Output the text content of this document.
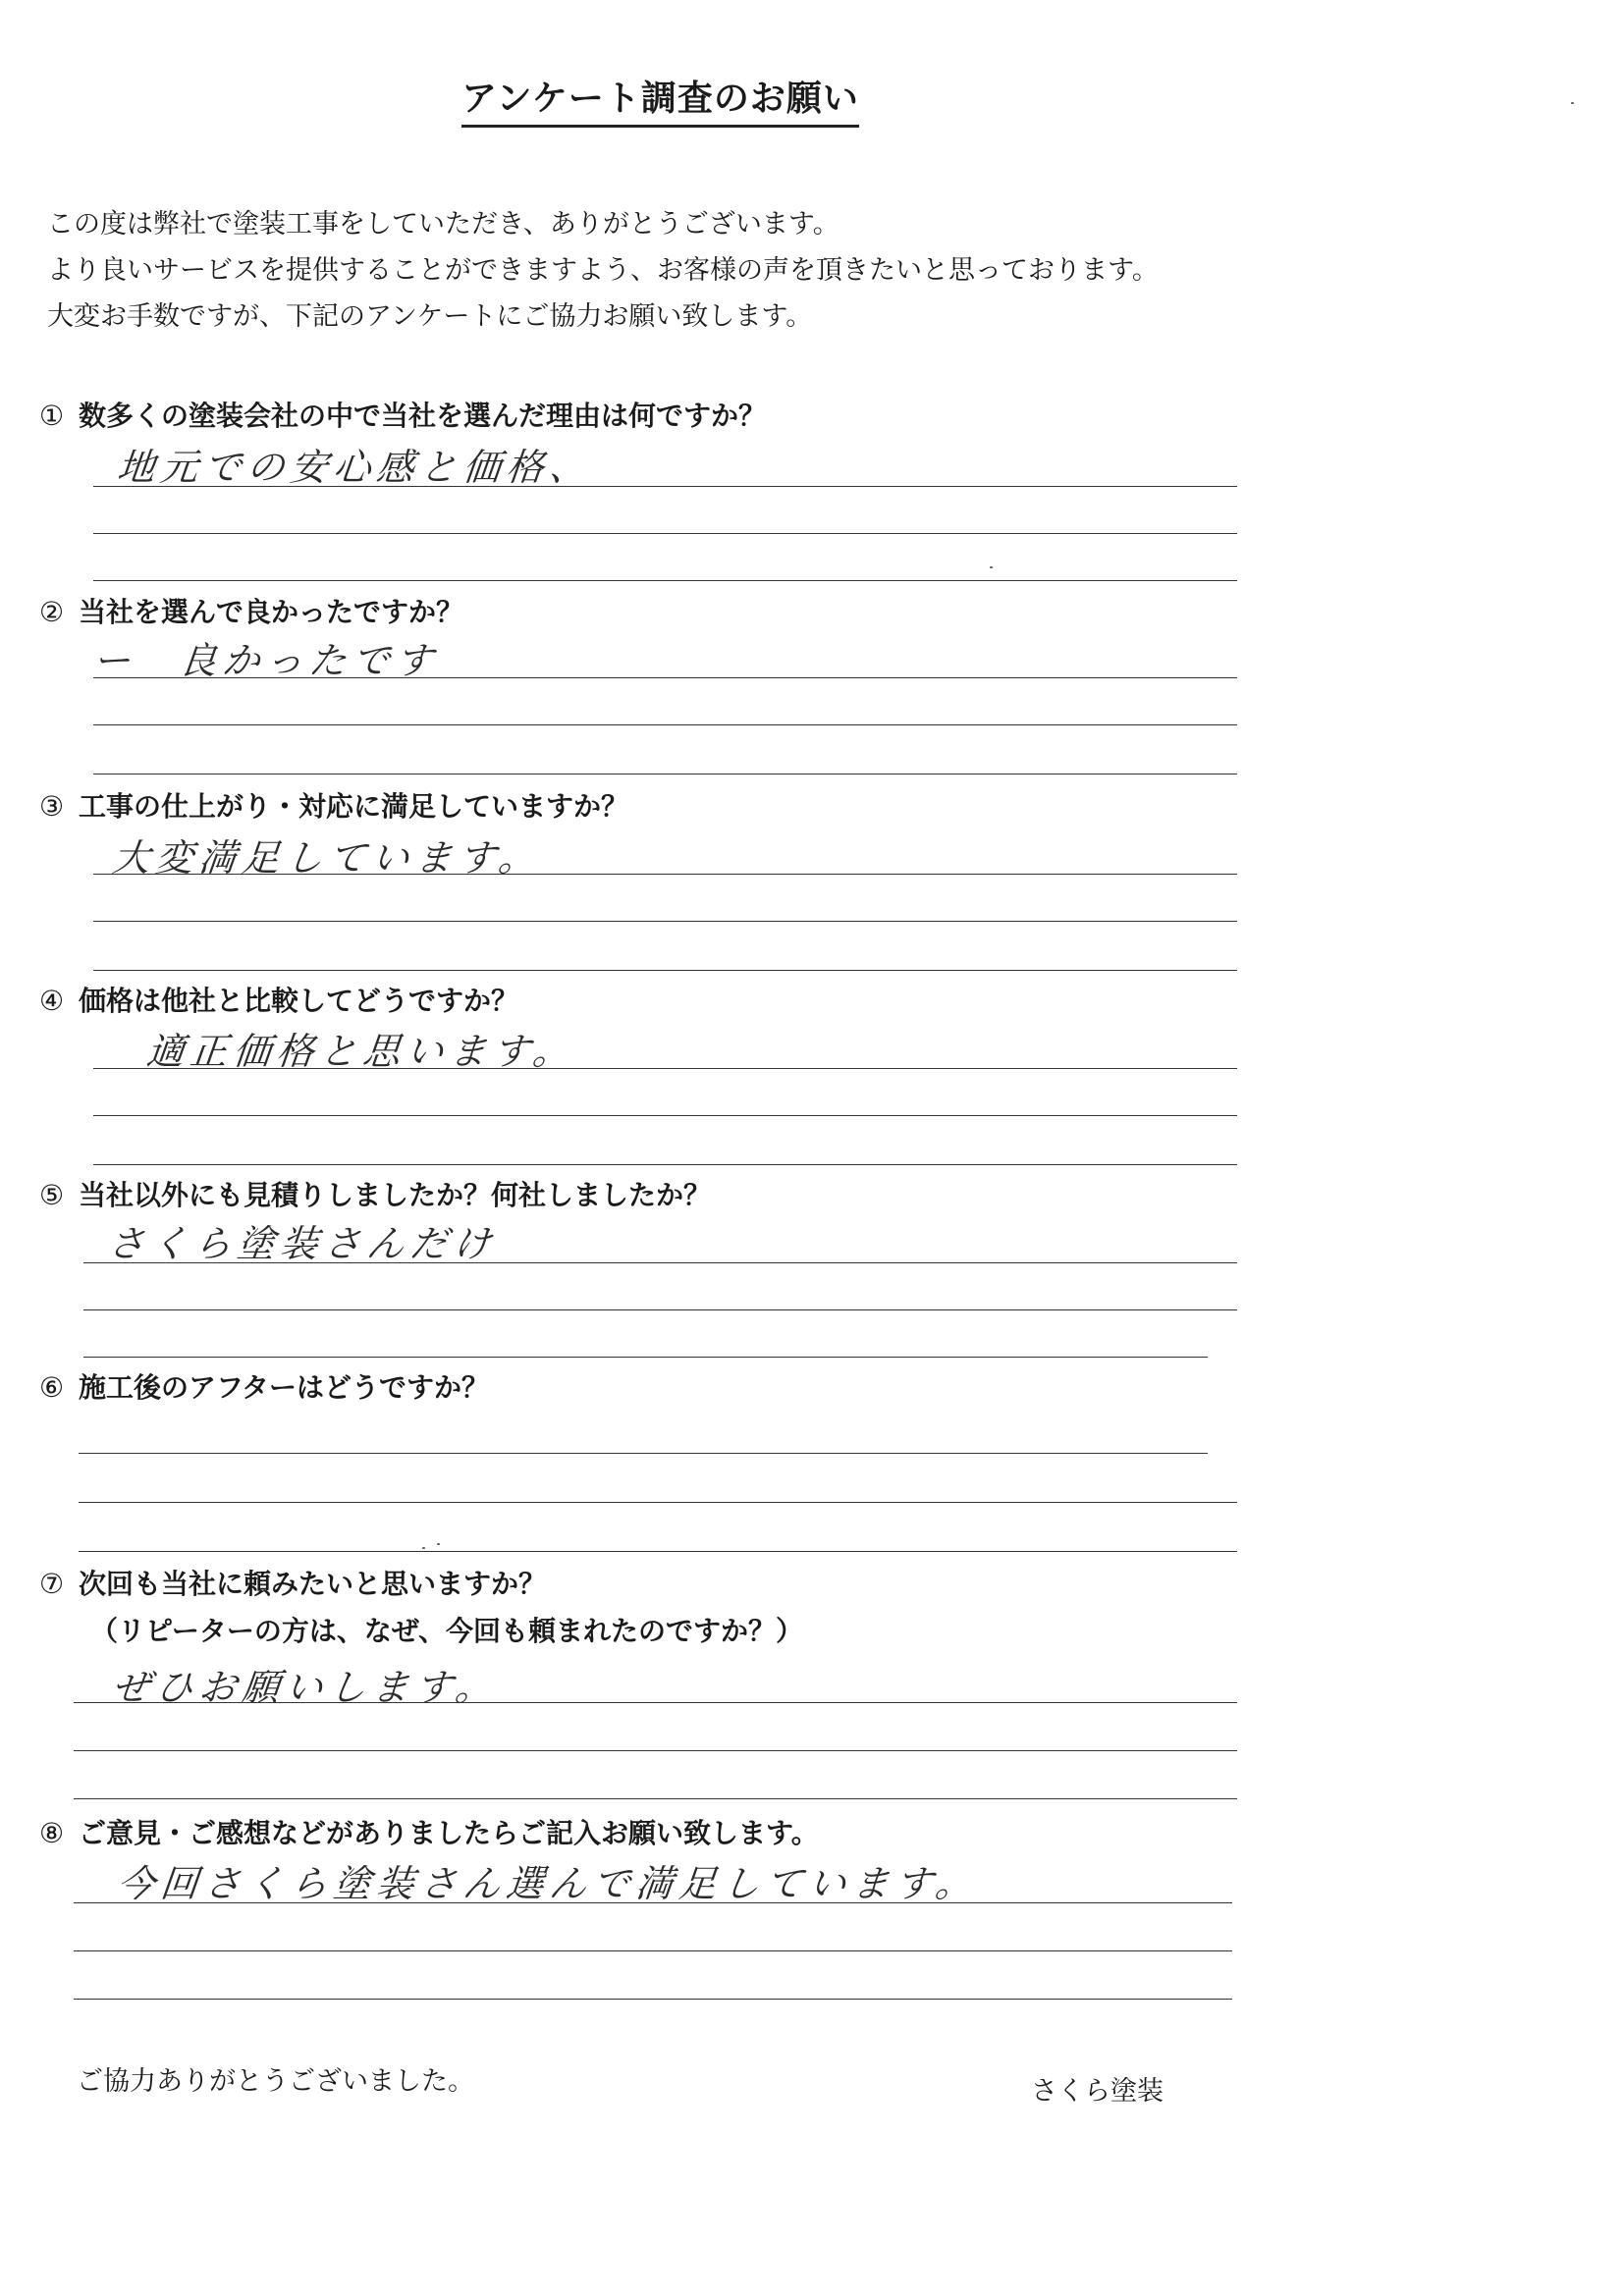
アンケート調査のお願い
この度は弊社で塗装工事をしていただき、ありがとうございます。
より良いサービスを提供することができますよう、お客様の声を頂きたいと思っております。
大変お手数ですが、下記のアンケートにご協力お願い致します。
① 数多くの塗装会社の中で当社を選んだ理由は何ですか？
地元での安心感と価格、
② 当社を選んで良かったですか？
ー　良かったです
③ 工事の仕上がり・対応に満足していますか？
大変満足しています。
④ 価格は他社と比較してどうですか？
適正価格と思います。
⑤ 当社以外にも見積りしましたか？何社しましたか？
さくら塗装さんだけ
⑥ 施工後のアフターはどうですか？
⑦ 次回も当社に頼みたいと思いますか？
（リピーターの方は、なぜ、今回も頼まれたのですか？）
ぜひお願いします。
⑧ ご意見・ご感想などがありましたらご記入お願い致します。
今回さくら塗装さん選んで満足しています。
ご協力ありがとうございました。	さくら塗装
